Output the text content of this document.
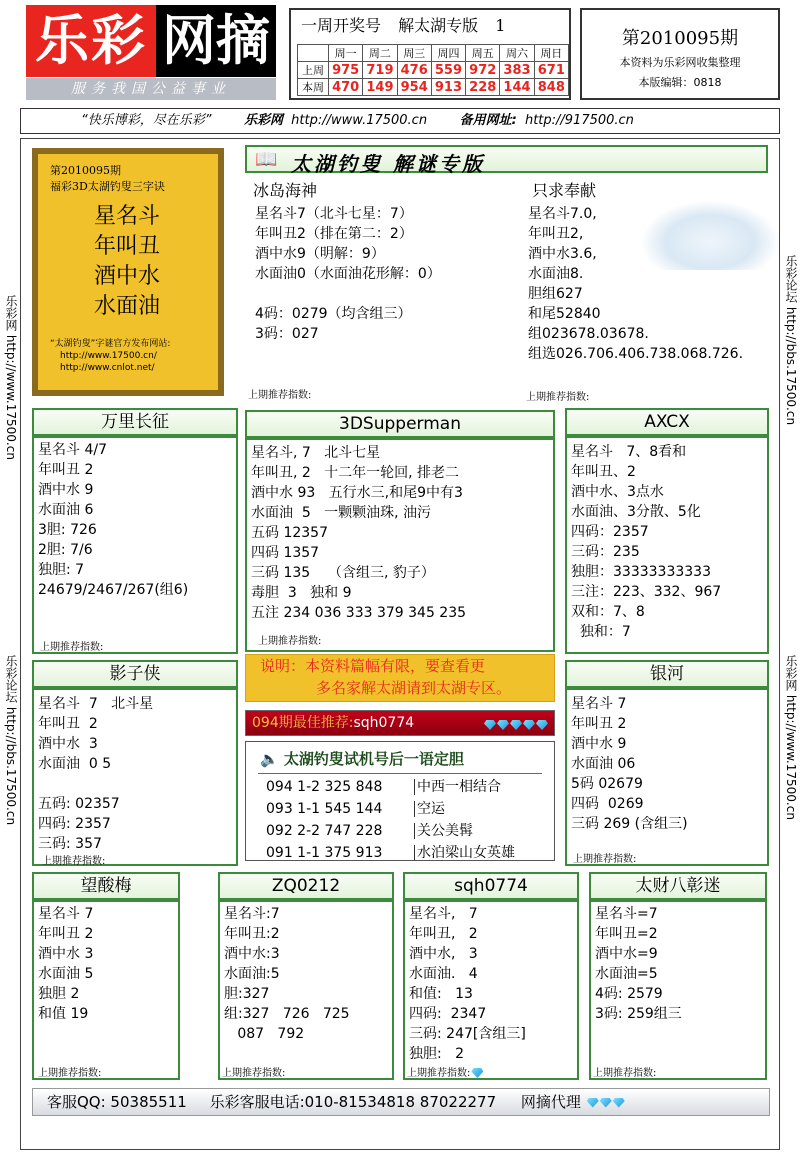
乐彩 网摘
服务我国公益事业
一周开奖号 解太湖专版 1
	周一	周二	周三	周四	周五	周六	周日
上周	975	719	476	559	972	383	671
本周	470	149	954	913	228	144	848
第2010095期
本资料为乐彩网收集整理
本版编辑：0818
“快乐博彩，尽在乐彩”	乐彩网 http://www.17500.cn	备用网址: http://917500.cn
乐彩网 http://www.17500.cn
乐彩论坛 http://bbs.17500.cn
乐彩论坛 http://bbs.17500.cn
乐彩网 http://www.17500.cn
第2010095期
福彩3D太湖钓叟三字诀
星名斗
年叫丑
酒中水
水面油
“太湖钓叟”字谜官方发布网站:
http://www.17500.cn/
http://www.cnlot.net/
📖 太湖钓叟 解谜专版
冰岛海神
星名斗7（北斗七星：7）
年叫丑2（排在第二：2）
酒中水9（明解：9）
水面油0（水面油花形解：0）

4码：0279（均含组三）
3码：027
上期推荐指数:
只求奉献
星名斗7.0,
年叫丑2,
酒中水3.6,
水面油8.
胆组627
和尾52840
组023678.03678.
组选026.706.406.738.068.726.
上期推荐指数:
万里长征
星名斗 4/7
年叫丑 2
酒中水 9
水面油 6
3胆: 726
2胆: 7/6
独胆: 7
24679/2467/267(组6)
上期推荐指数:
3DSupperman
星名斗, 7   北斗七星
年叫丑, 2   十二年一轮回, 排老二
酒中水 93   五行水三,和尾9中有3
水面油  5   一颗颗油珠, 油污
五码 12357
四码 1357
三码 135    （含组三, 豹子）
毒胆  3   独和 9
五注 234 036 333 379 345 235
上期推荐指数:
AXCX
星名斗   7、8看和
年叫丑、2
酒中水、3点水
水面油、3分散、5化
四码：2357
三码：235
独胆：33333333333
三注：223、332、967
双和：7、8
独和：7
说明：本资料篇幅有限，要查看更
多名家解太湖请到太湖专区。
094期最佳推荐:sqh0774
🔈 太湖钓叟试机号后一语定胆
094 1-2 325 848 中西一相结合
093 1-1 545 144 空运
092 2-2 747 228 关公美髯
091 1-1 375 913 水泊梁山女英雄
影子侠
星名斗  7   北斗星
年叫丑  2
酒中水  3
水面油  0 5

五码: 02357
四码: 2357
三码: 357
上期推荐指数:
银河
星名斗 7
年叫丑 2
酒中水 9
水面油 06
5码 02679
四码  0269
三码 269 (含组三)
上期推荐指数:
望酸梅
星名斗 7
年叫丑 2
酒中水 3
水面油 5
独胆 2
和值 19
上期推荐指数:
ZQ0212
星名斗:7
年叫丑:2
酒中水:3
水面油:5
胆:327
组:327   726   725
087   792
上期推荐指数:
sqh0774
星名斗,   7
年叫丑,   2
酒中水,   3
水面油.   4
和值:   13
四码:  2347
三码: 247[含组三]
独胆:   2
上期推荐指数:
太财八彰迷
星名斗=7
年叫丑=2
酒中水=9
水面油=5
4码: 2579
3码: 259组三
上期推荐指数:
客服QQ: 50385511 乐彩客服电话:010-81534818 87022277 网摘代理
